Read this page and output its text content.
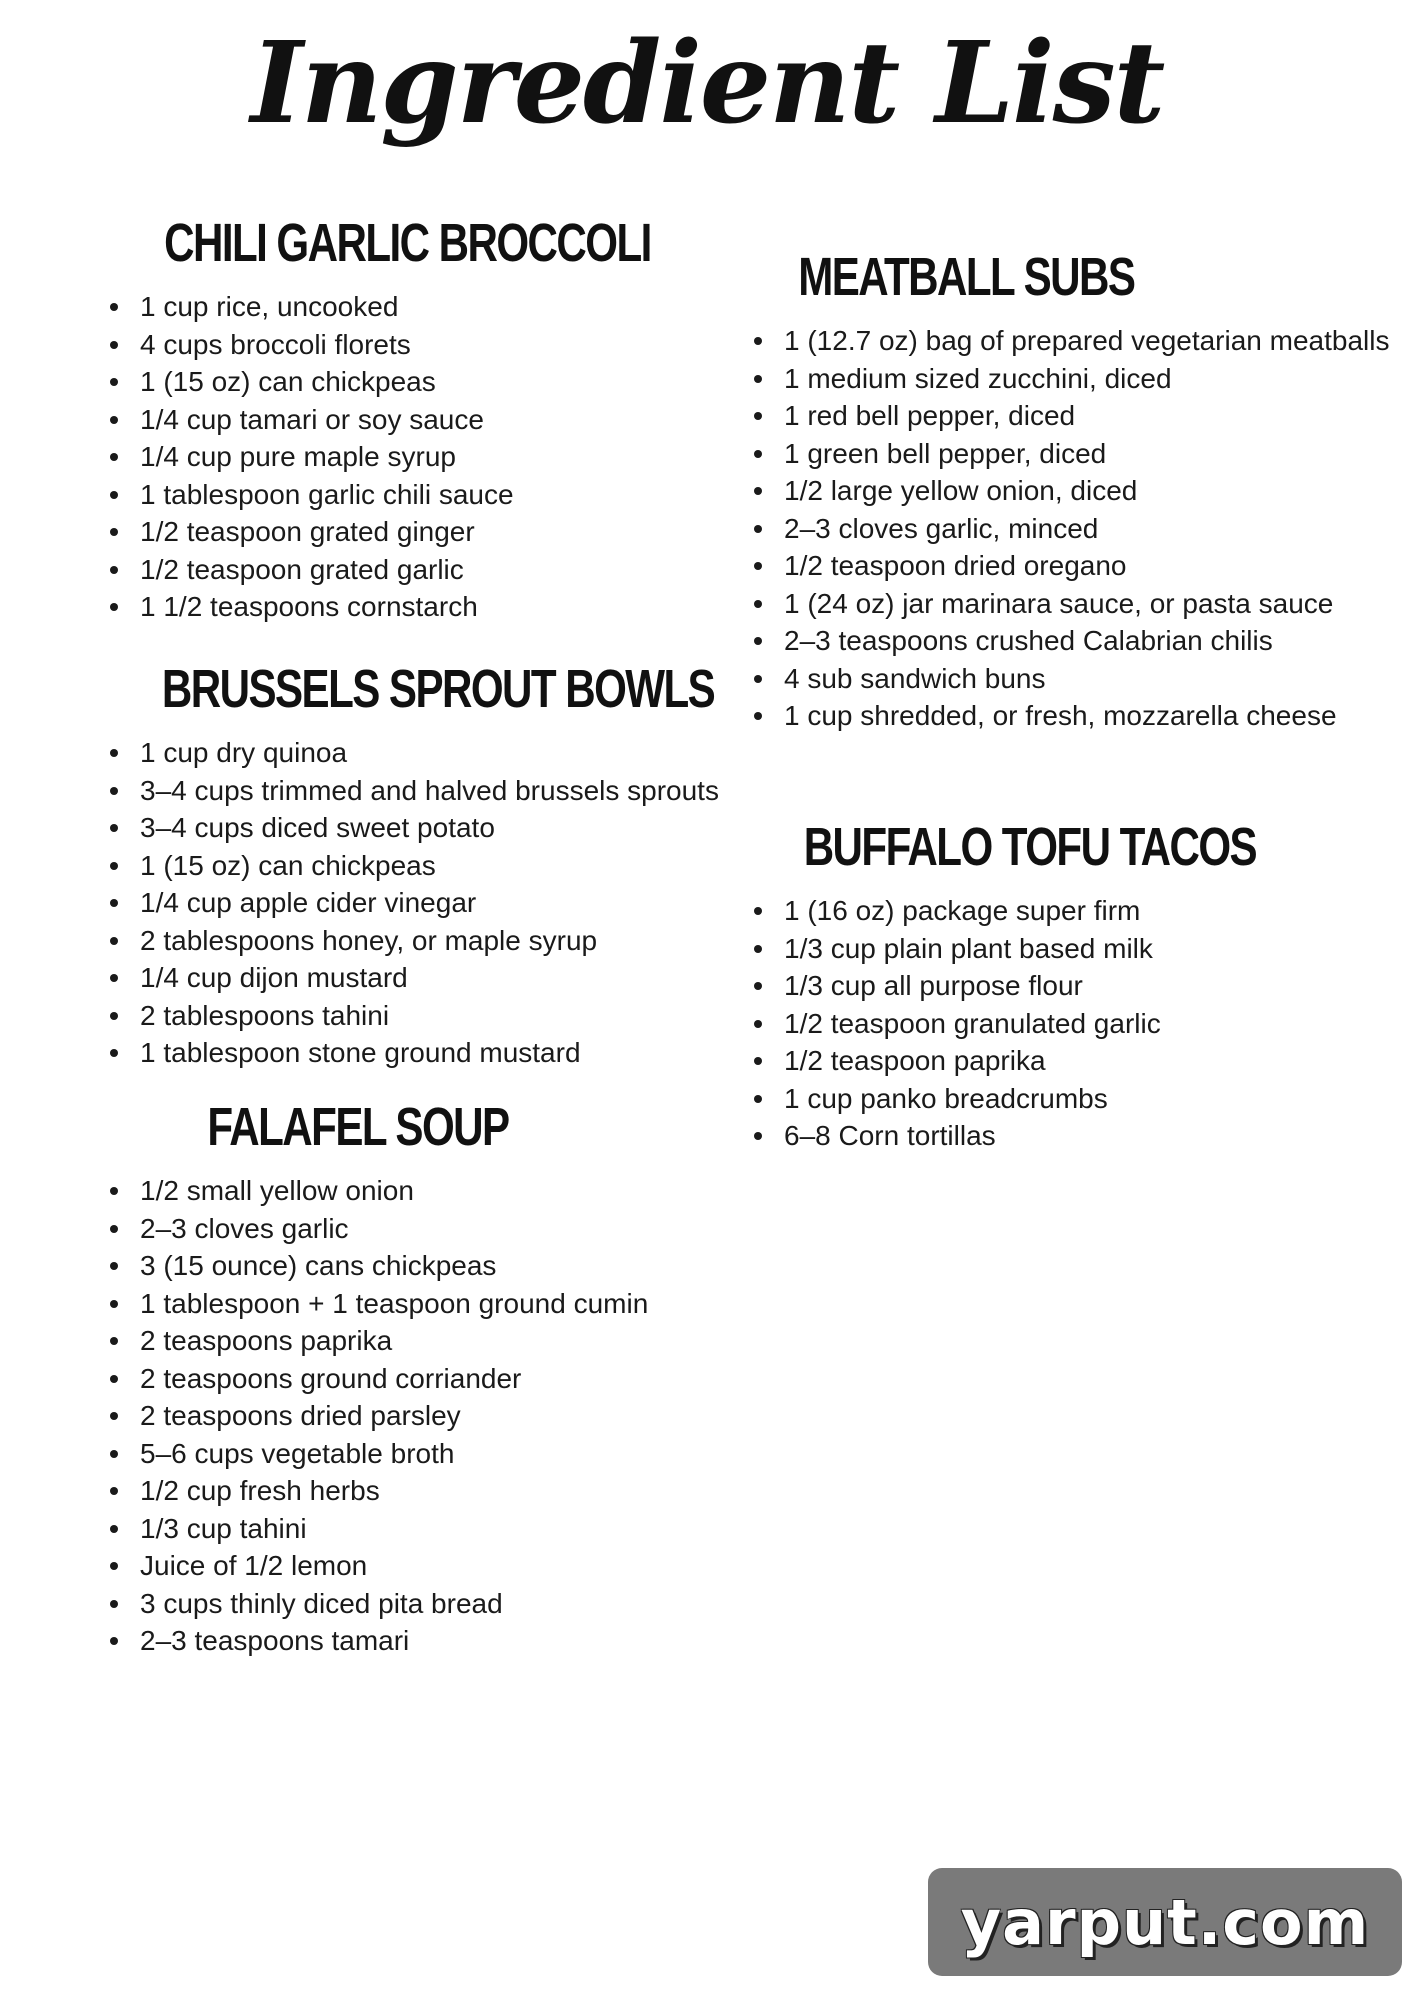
Ingredient List
CHILI GARLIC BROCCOLI
1 cup rice, uncooked
4 cups broccoli florets
1 (15 oz) can chickpeas
1/4 cup tamari or soy sauce
1/4 cup pure maple syrup
1 tablespoon garlic chili sauce
1/2 teaspoon grated ginger
1/2 teaspoon grated garlic
1 1/2 teaspoons cornstarch
BRUSSELS SPROUT BOWLS
1 cup dry quinoa
3–4 cups trimmed and halved brussels sprouts
3–4 cups diced sweet potato
1 (15 oz) can chickpeas
1/4 cup apple cider vinegar
2 tablespoons honey, or maple syrup
1/4 cup dijon mustard
2 tablespoons tahini
1 tablespoon stone ground mustard
FALAFEL SOUP
1/2 small yellow onion
2–3 cloves garlic
3 (15 ounce) cans chickpeas
1 tablespoon + 1 teaspoon ground cumin
2 teaspoons paprika
2 teaspoons ground corriander
2 teaspoons dried parsley
5–6 cups vegetable broth
1/2 cup fresh herbs
1/3 cup tahini
Juice of 1/2 lemon
3 cups thinly diced pita bread
2–3 teaspoons tamari
MEATBALL SUBS
1 (12.7 oz) bag of prepared vegetarian meatballs
1 medium sized zucchini, diced
1 red bell pepper, diced
1 green bell pepper, diced
1/2 large yellow onion, diced
2–3 cloves garlic, minced
1/2 teaspoon dried oregano
1 (24 oz) jar marinara sauce, or pasta sauce
2–3 teaspoons crushed Calabrian chilis
4 sub sandwich buns
1 cup shredded, or fresh, mozzarella cheese
BUFFALO TOFU TACOS
1 (16 oz) package super firm
1/3 cup plain plant based milk
1/3 cup all purpose flour
1/2 teaspoon granulated garlic
1/2 teaspoon paprika
1 cup panko breadcrumbs
6–8 Corn tortillas
yarput.com
